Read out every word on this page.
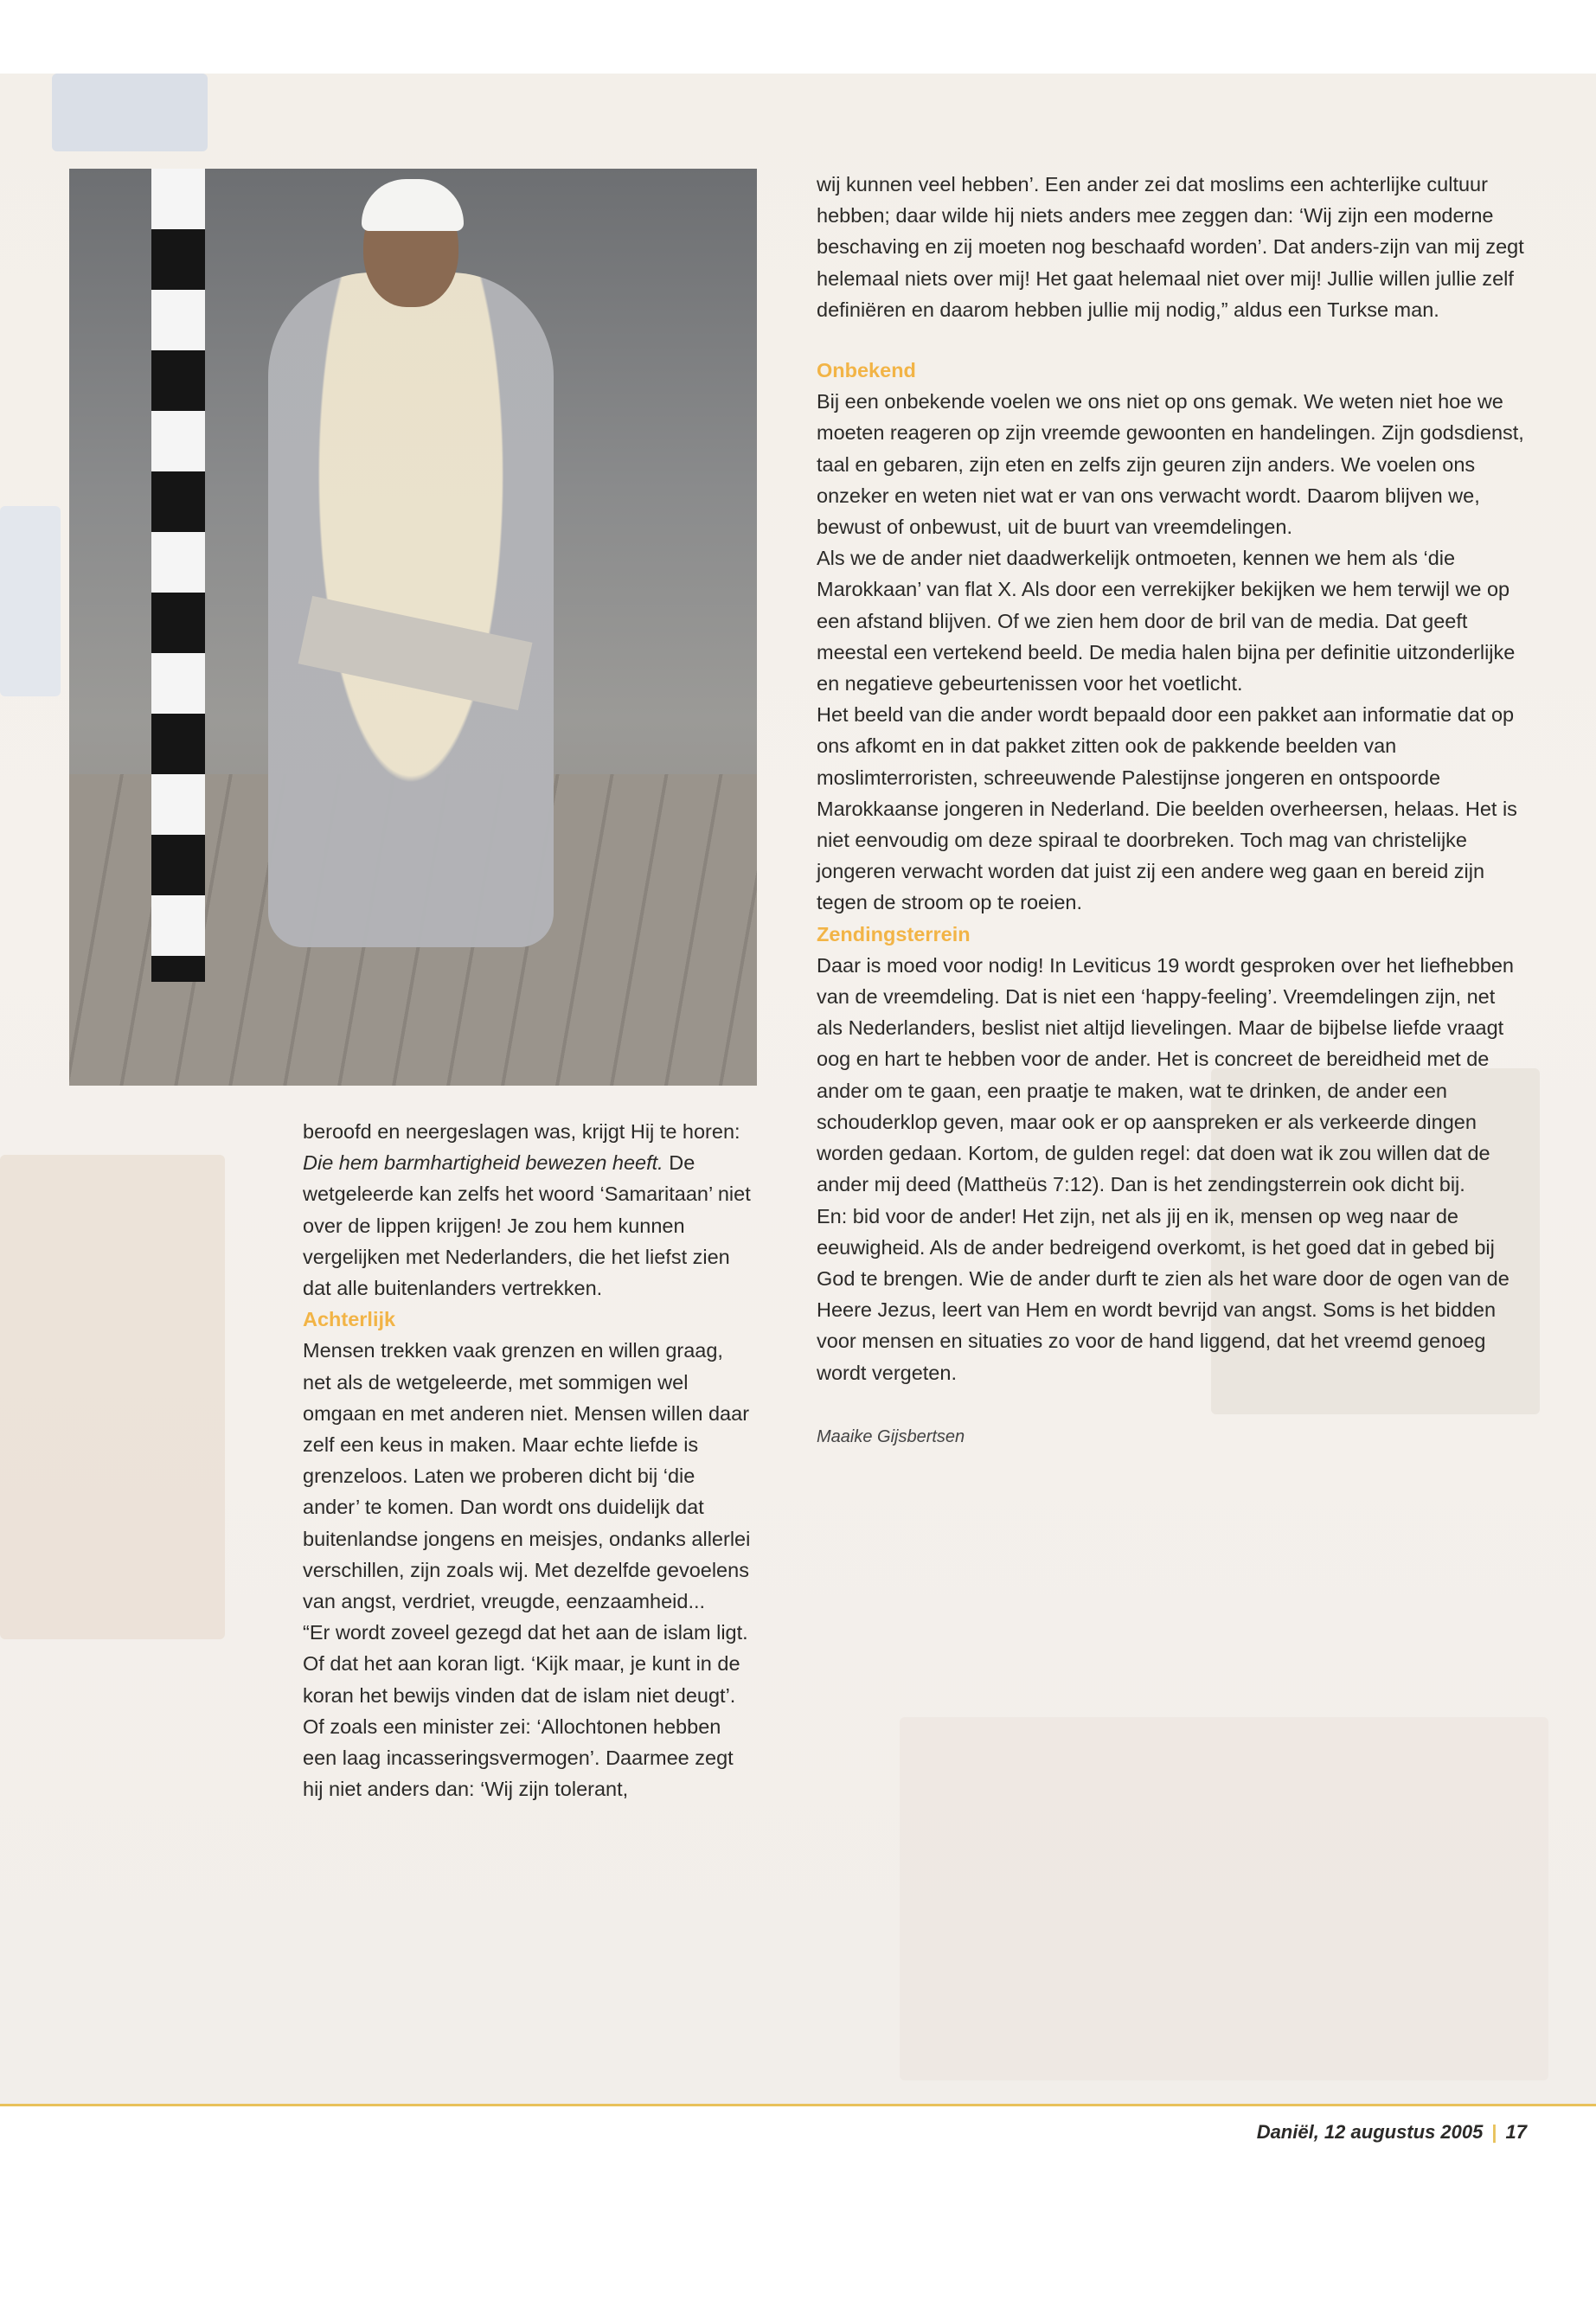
beroofd en neergeslagen was, krijgt Hij te horen: Die hem barmhartigheid bewezen heeft. De wetgeleerde kan zelfs het woord ‘Samaritaan’ niet over de lippen krijgen! Je zou hem kunnen vergelijken met Nederlanders, die het liefst zien dat alle buitenlanders vertrekken.

Achterlijk

Mensen trekken vaak grenzen en willen graag, net als de wetgeleerde, met sommigen wel omgaan en met anderen niet. Mensen willen daar zelf een keus in maken. Maar echte liefde is grenzeloos. Laten we proberen dicht bij ‘die ander’ te komen. Dan wordt ons duidelijk dat buitenlandse jongens en meisjes, ondanks allerlei verschillen, zijn zoals wij. Met dezelfde gevoelens van angst, verdriet, vreugde, eenzaamheid...

“Er wordt zoveel gezegd dat het aan de islam ligt. Of dat het aan koran ligt. ‘Kijk maar, je kunt in de koran het bewijs vinden dat de islam niet deugt’. Of zoals een minister zei: ‘Allochtonen hebben een laag incasseringsvermogen’. Daarmee zegt hij niet anders dan: ‘Wij zijn tolerant,

wij kunnen veel hebben’. Een ander zei dat moslims een achterlijke cultuur hebben; daar wilde hij niets anders mee zeggen dan: ‘Wij zijn een moderne beschaving en zij moeten nog beschaafd worden’. Dat anders-zijn van mij zegt helemaal niets over mij! Het gaat helemaal niet over mij! Jullie willen jullie zelf definiëren en daarom hebben jullie mij nodig,” aldus een Turkse man.

Onbekend

Bij een onbekende voelen we ons niet op ons gemak. We weten niet hoe we moeten reageren op zijn vreemde gewoonten en handelingen. Zijn godsdienst, taal en gebaren, zijn eten en zelfs zijn geuren zijn anders. We voelen ons onzeker en weten niet wat er van ons verwacht wordt. Daarom blijven we, bewust of onbewust, uit de buurt van vreemdelingen.

Als we de ander niet daadwerkelijk ontmoeten, kennen we hem als ‘die Marokkaan’ van flat X. Als door een verrekijker bekijken we hem terwijl we op een afstand blijven. Of we zien hem door de bril van de media. Dat geeft meestal een vertekend beeld. De media halen bijna per definitie uitzonderlijke en negatieve gebeurtenissen voor het voetlicht.

Het beeld van die ander wordt bepaald door een pakket aan informatie dat op ons afkomt en in dat pakket zitten ook de pakkende beelden van moslimterroristen, schreeuwende Palestijnse jongeren en ontspoorde Marokkaanse jongeren in Nederland. Die beelden overheersen, helaas. Het is niet eenvoudig om deze spiraal te doorbreken. Toch mag van christelijke jongeren verwacht worden dat juist zij een andere weg gaan en bereid zijn tegen de stroom op te roeien.

Zendingsterrein

Daar is moed voor nodig! In Leviticus 19 wordt gesproken over het liefhebben van de vreemdeling. Dat is niet een ‘happy-feeling’. Vreemdelingen zijn, net als Nederlanders, beslist niet altijd lievelingen. Maar de bijbelse liefde vraagt oog en hart te hebben voor de ander. Het is concreet de bereidheid met de ander om te gaan, een praatje te maken, wat te drinken, de ander een schouderklop geven, maar ook er op aanspreken er als verkeerde dingen worden gedaan. Kortom, de gulden regel: dat doen wat ik zou willen dat de ander mij deed (Mattheüs 7:12). Dan is het zendingsterrein ook dicht bij.

En: bid voor de ander! Het zijn, net als jij en ik, mensen op weg naar de eeuwigheid. Als de ander bedreigend overkomt, is het goed dat in gebed bij God te brengen. Wie de ander durft te zien als het ware door de ogen van de Heere Jezus, leert van Hem en wordt bevrijd van angst. Soms is het bidden voor mensen en situaties zo voor de hand liggend, dat het vreemd genoeg wordt vergeten.

Maaike Gijsbertsen

Daniël, 12 augustus 2005 | 17
